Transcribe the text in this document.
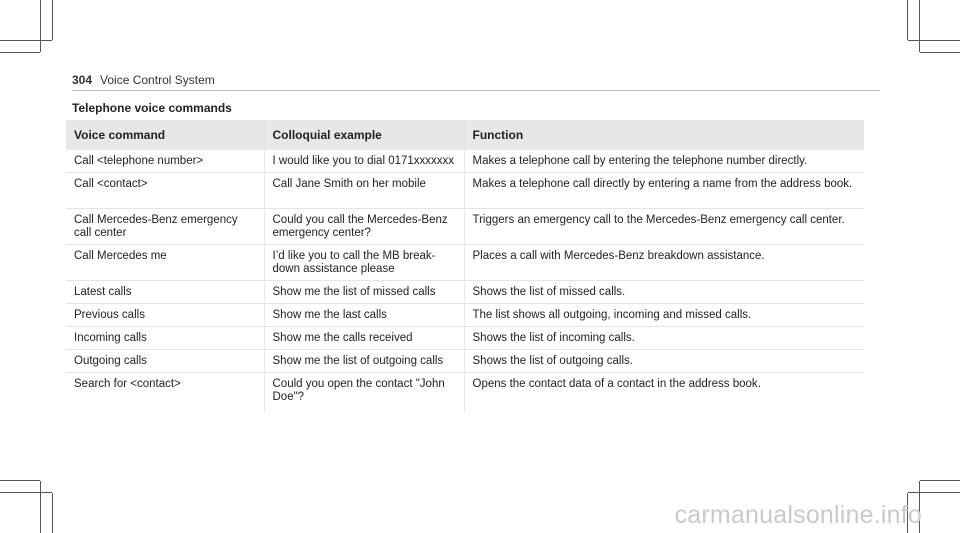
304 Voice Control System
Telephone voice commands
Voice command	Colloquial example	Function
Call <telephone number>	I would like you to dial 0171xxxxxxx	Makes a telephone call by entering the telephone number directly.
Call <contact>	Call Jane Smith on her mobile	Makes a telephone call directly by entering a name from the address book.
Call Mercedes-Benz emergency call center	Could you call the Mercedes-Benz emergency center?	Triggers an emergency call to the Mercedes-Benz emergency call center.
Call Mercedes me	I’d like you to call the MB break-down assistance please	Places a call with Mercedes-Benz breakdown assistance.
Latest calls	Show me the list of missed calls	Shows the list of missed calls.
Previous calls	Show me the last calls	The list shows all outgoing, incoming and missed calls.
Incoming calls	Show me the calls received	Shows the list of incoming calls.
Outgoing calls	Show me the list of outgoing calls	Shows the list of outgoing calls.
Search for <contact>	Could you open the contact "John Doe"?	Opens the contact data of a contact in the address book.
carmanualsonline.info
